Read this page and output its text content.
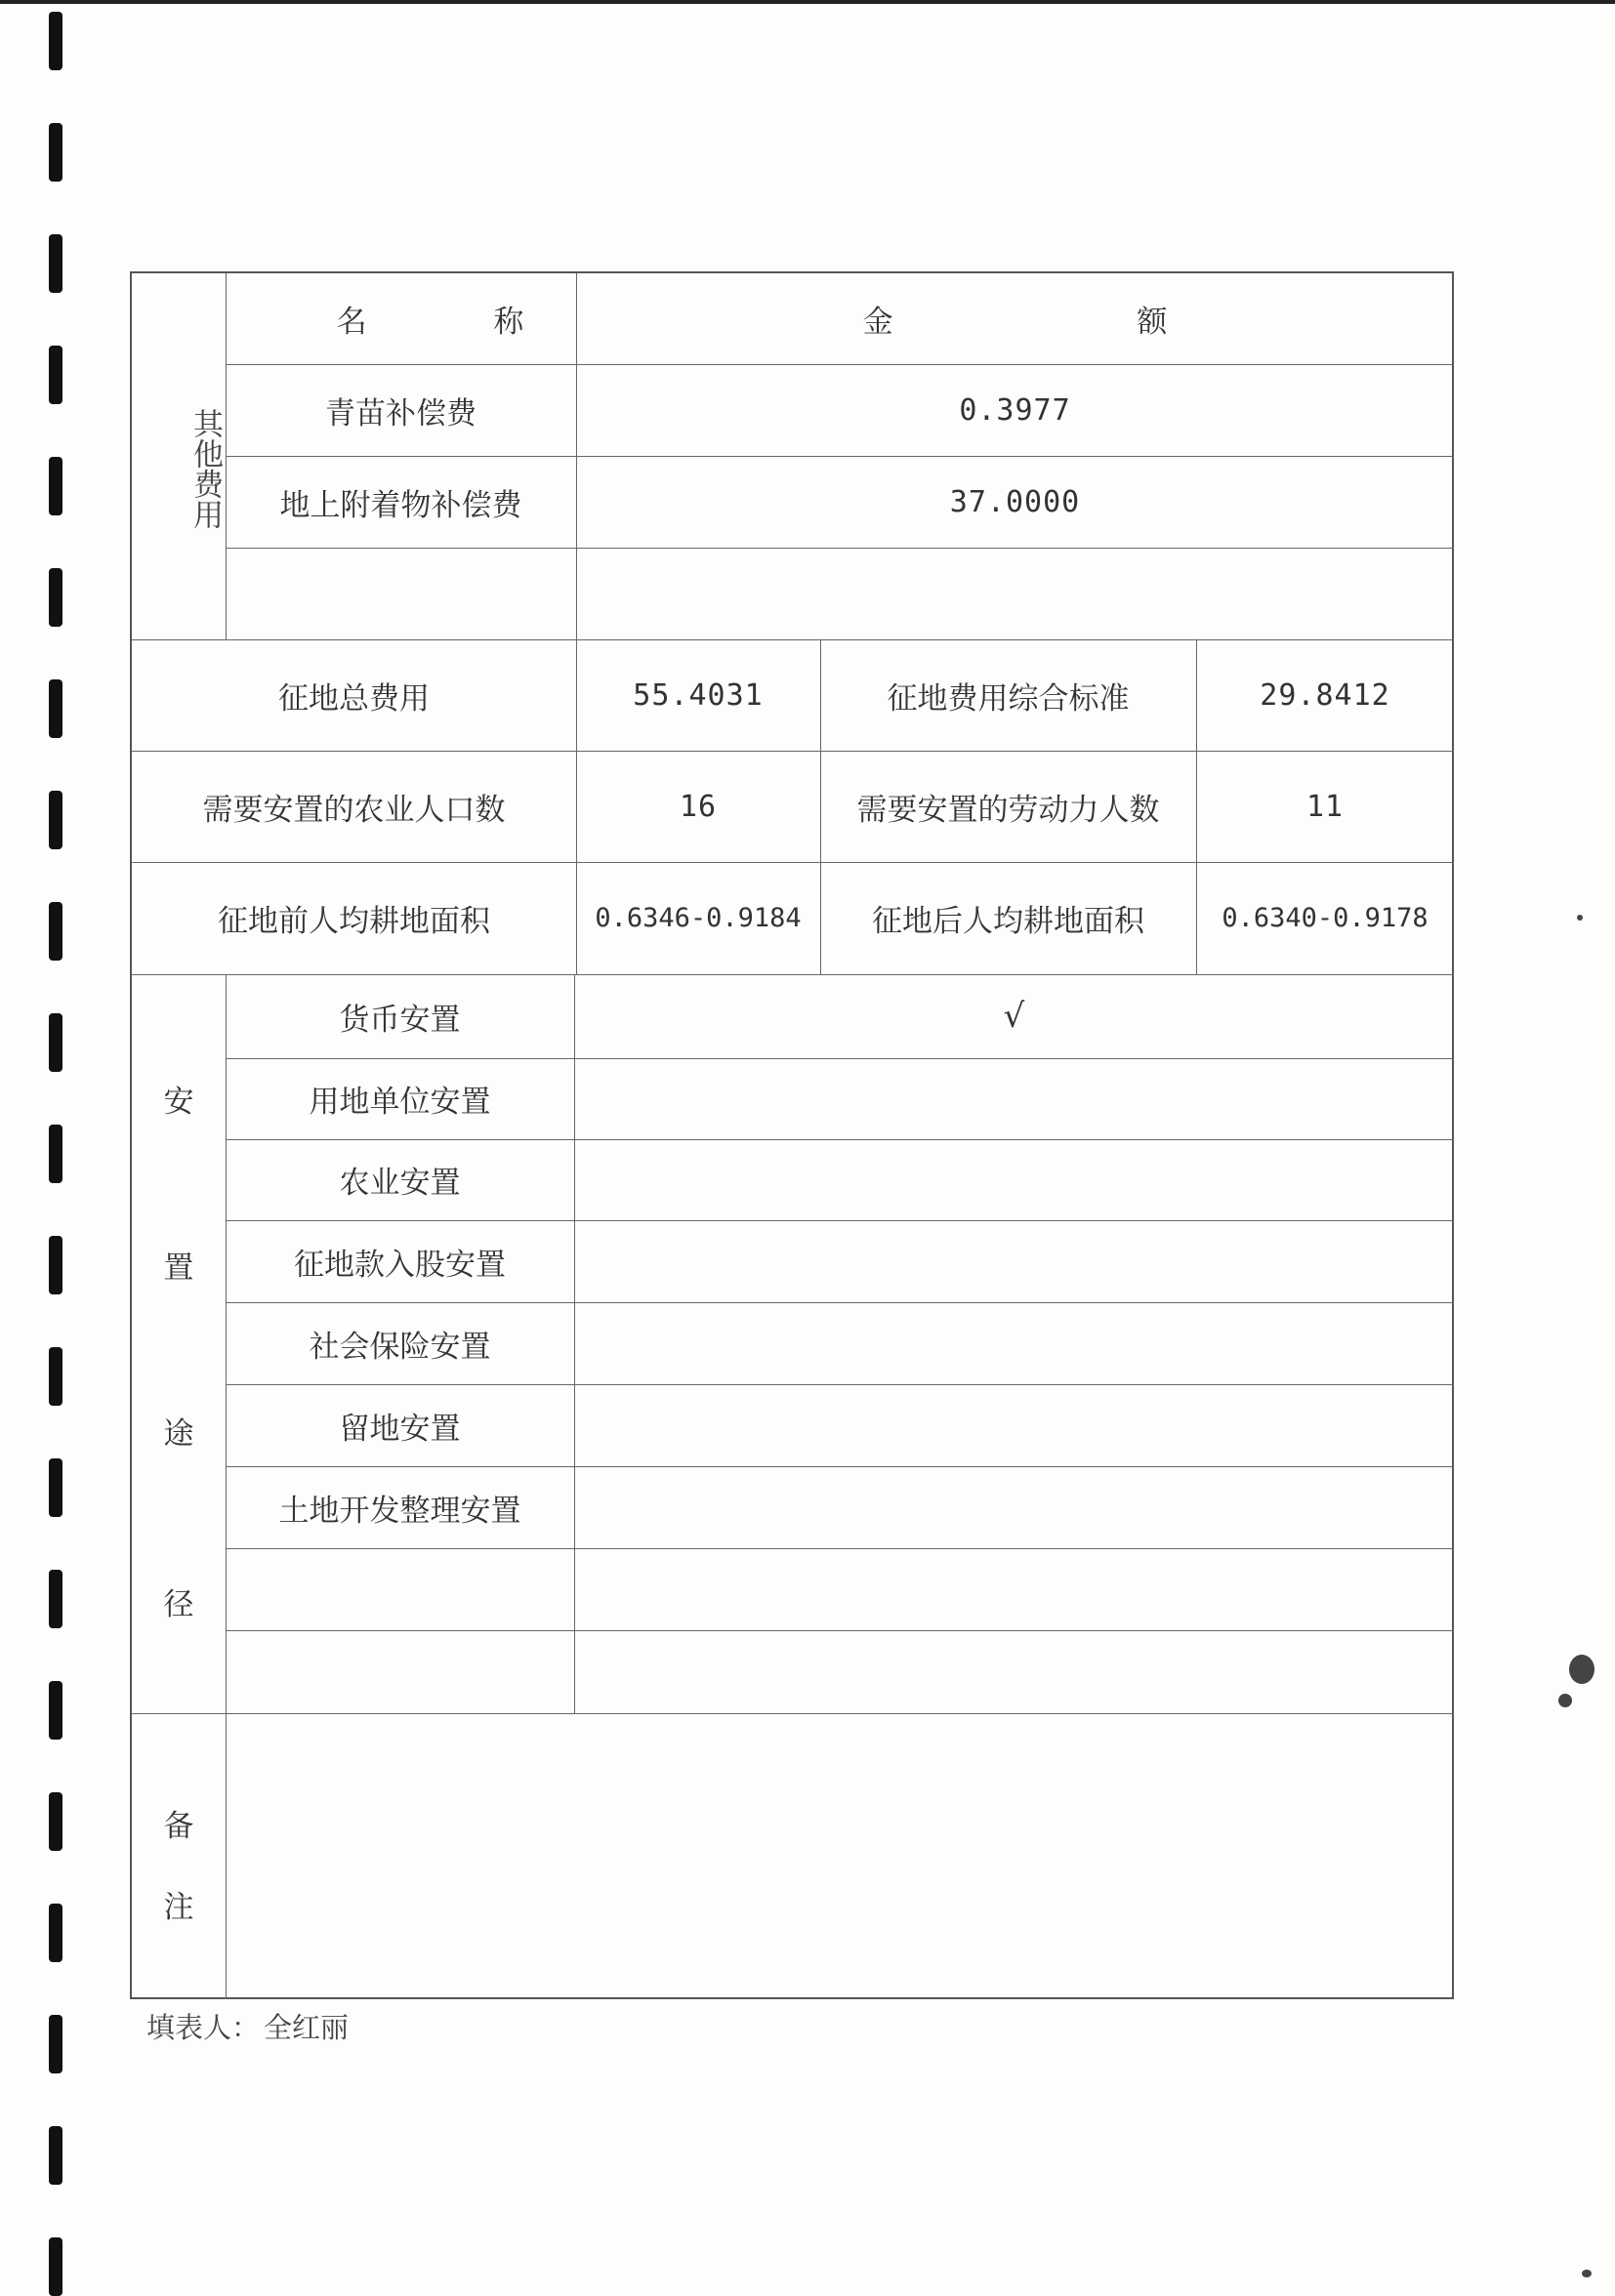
其他费用
名 称	金 额
青苗补偿费	0.3977
地上附着物补偿费	37.0000
征地总费用	55.4031	征地费用综合标准	29.8412
需要安置的农业人口数	16	需要安置的劳动力人数	11
征地前人均耕地面积	0.6346-0.9184 征地后人均耕地面积	0.6340-0.9178
安
置
途
径
货币安置	√
用地单位安置
农业安置
征地款入股安置
社会保险安置
留地安置
土地开发整理安置
备
注
填表人： 全红丽
